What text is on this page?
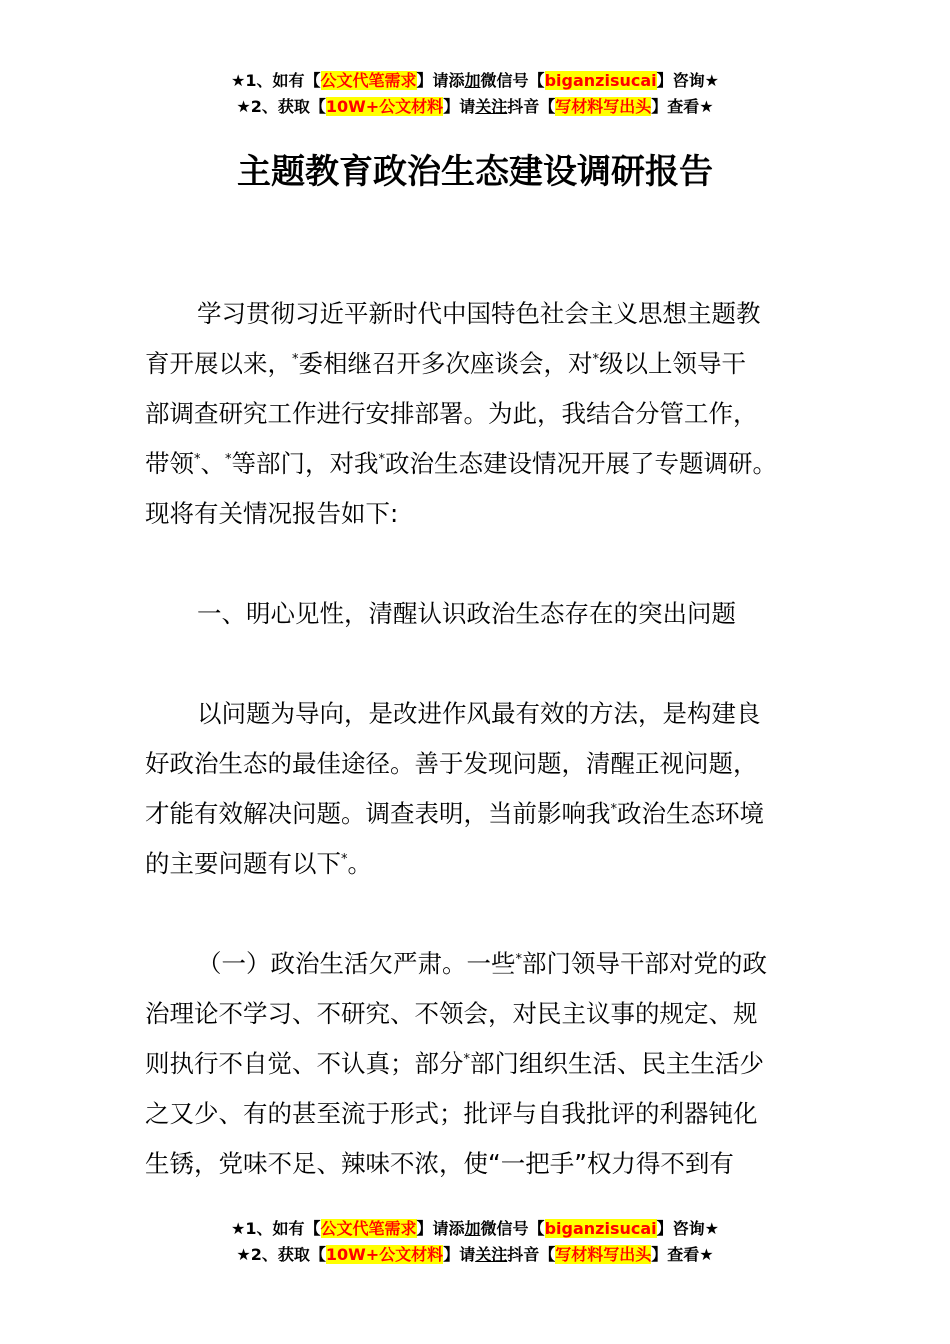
★1、如有【公文代笔需求】请添加微信号【biganzisucai】咨询★
★2、获取【10W+公文材料】请关注抖音【写材料写出头】查看★
主题教育政治生态建设调研报告

学习贯彻习近平新时代中国特色社会主义思想主题教
育开展以来，*委相继召开多次座谈会，对*级以上领导干
部调查研究工作进行安排部署。为此，我结合分管工作，
带领*、*等部门，对我*政治生态建设情况开展了专题调研。
现将有关情况报告如下:

一、明心见性，清醒认识政治生态存在的突出问题

以问题为导向，是改进作风最有效的方法，是构建良
好政治生态的最佳途径。善于发现问题，清醒正视问题，
才能有效解决问题。调查表明，当前影响我*政治生态环境
的主要问题有以下*。

（一）政治生活欠严肃。一些*部门领导干部对党的政
治理论不学习、不研究、不领会，对民主议事的规定、规
则执行不自觉、不认真；部分*部门组织生活、民主生活少
之又少、有的甚至流于形式；批评与自我批评的利器钝化
生锈，党味不足、辣味不浓，使“一把手”权力得不到有

★1、如有【公文代笔需求】请添加微信号【biganzisucai】咨询★
★2、获取【10W+公文材料】请关注抖音【写材料写出头】查看★
